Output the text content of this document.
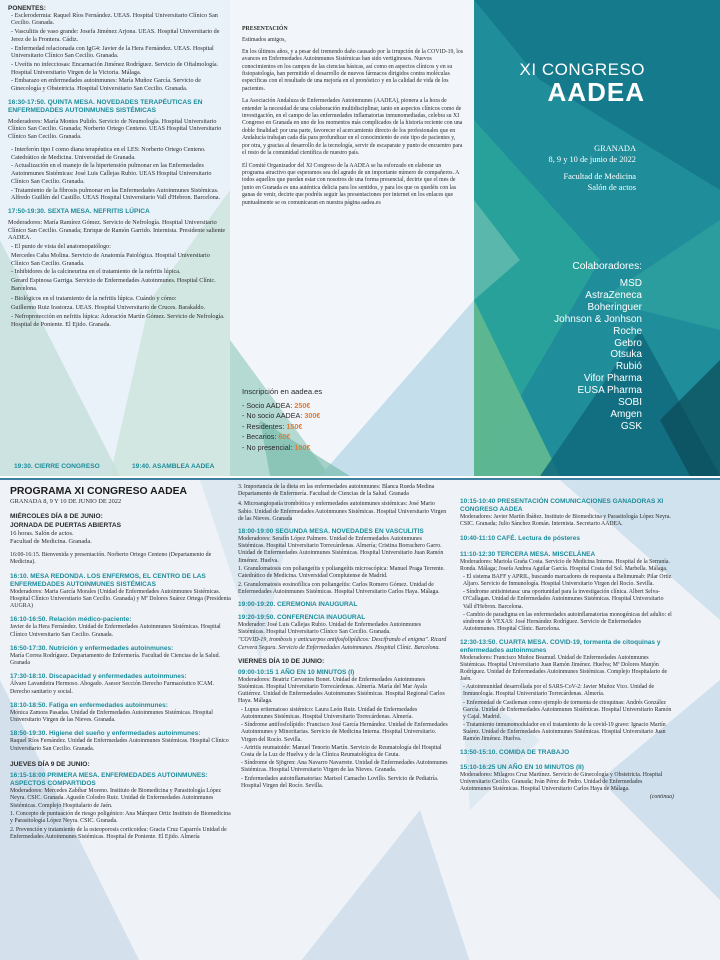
PONENTES:
- Esclerodermia: Raquel Ríos Fernández. UEAS. Hospital Universitario Clínico San Cecilio. Granada.
- Vasculitis de vaso grande: Josefa Jiménez Arjona. UEAS. Hospital Universitario de Jerez de la Frontera. Cádiz.
- Enfermedad relacionada con IgG4: Javier de la Hera Fernández. UEAS. Hospital Universitario Clínico San Cecilio. Granada.
- Uveítis no infecciosas: Encarnación Jiménez Rodríguez. Servicio de Oftalmología. Hospital Universitario Virgen de la Victoria. Málaga.
- Embarazo en enfermedades autoinmunes: María Muñoz García. Servicio de Ginecología y Obstetricia. Hospital Universitario San Cecilio. Granada.
16:30-17:50. QUINTA MESA. NOVEDADES TERAPÉUTICAS EN ENFERMEDADES AUTOINMUNES SISTÉMICAS

Moderadores: María Montes Pulido. Servicio de Neumología. Hospital Universitario Clínico San Cecilio. Granada; Norberto Ortego Centeno. UEAS Hospital Universitario Clínico San Cecilio. Granada.

- Interferón tipo I como diana terapéutica en el LES: Norberto Ortego Centeno. Catedrático de Medicina. Universidad de Granada.
- Actualización en el manejo de la hipertensión pulmonar en las Enfermedades Autoinmunes Sistémicas: José Luis Callejas Rubio. UEAS Hospital Universitario Clínico San Cecilio. Granada.
- Tratamiento de la fibrosis pulmonar en las Enfermedades Autoinmunes Sistémicas. Alfredo Guillén del Castillo. UEAS Hospital Universitario Vall d'Hebron. Barcelona.
17:50-19:30. SEXTA MESA. NEFRITIS LÚPICA

Moderadores: María Ramírez Gómez. Servicio de Nefrología. Hospital Universitario Clínico San Cecilio. Granada; Enrique de Ramón Garrido. Internista. Presidente saliente AADEA.

- El punto de vista del anatomopatólogo:
Mercedes Caba Molina. Servicio de Anatomía Patológica. Hospital Universitario Clínico San Cecilio. Granada.
- Inhibidores de la calcineurina en el tratamiento de la nefritis lúpica.
Gerard Espinosa Garriga. Servicio de Enfermedades Autoinmunes. Hospital Clínic. Barcelona.
- Biológicos en el tratamiento de la nefritis lúpica. Cuándo y cómo:
Guillermo Ruiz Irastorza. UEAS. Hospital Universitario de Cruces. Barakaldo.
- Nefroprotección en nefritis lúpica: Adoración Martín Gómez. Servicio de Nefrología. Hospital de Poniente. El Ejido. Granada.
19:30. CIERRE CONGRESO	19:40. ASAMBLEA AADEA
PRESENTACIÓN

Estimados amigos,

En los últimos años, y a pesar del tremendo daño causado por la irrupción de la COVID-19, los avances en Enfermedades Autoinmunes Sistémicas han sido vertiginosos. Nuevos conocimientos en los campos de las ciencias básicas, así como en aspectos clínicos y en su fisiopatología, han permitido el desarrollo de nuevos fármacos dirigidos contra moléculas específicas con el resultado de una mejoría en el pronóstico y en la calidad de vida de los pacientes.

La Asociación Andaluza de Enfermedades Autoinmunes (AADEA), pionera a la hora de entender la necesidad de una colaboración multidisciplinar, tanto en aspectos clínicos como de investigación, en el campo de las enfermedades inflamatorias inmunomediadas, celebra su XI Congreso en Granada en uno de los momentos más complicados de la historia reciente con una doble finalidad: por una parte, favorecer el acercamiento directo de los profesionales que en Andalucía trabajan cada día para profundizar en el conocimiento de este tipo de pacientes y, por otra, y gracias al desarrollo de la tecnología, servir de escaparate y punto de encuentro para el resto de la comunidad científica de nuestro país.

El Comité Organizador del XI Congreso de la AADEA se ha esforzado en elaborar un programa atractivo que esperamos sea del agrado de un importante número de compañeros. A todos aquellos que puedan estar con nosotros de una forma presencial, decirte que el mes de junio en Granada es una auténtica delicia para los sentidos, y para los que os quedéis con las ganas de venir, decirte que podréis seguir las presentaciones por internet en los enlaces que puntualmente se os comunicaran en nuestra página aadea.es

Inscripción en aadea.es
- Socio AADEA: 250€
- No socio AADEA: 300€
- Residentes: 150€
- Becarios: 60€
- No presencial: 100€
XI CONGRESO
AADEA
GRANADA
8, 9 y 10 de junio de 2022
Facultad de Medicina
Salón de actos
Colaboradores:
MSD
AstraZeneca
Boheringuer
Johnson & Jonhson
Roche
Gebro
Otsuka
Rubió
Vifor Pharma
EUSA Pharma
SOBI
Amgen
GSK
PROGRAMA XI CONGRESO AADEA
GRANADA 8, 9 Y 10 DE JUNIO DE 2022
MIÉRCOLES DÍA 8 DE JUNIO:
JORNADA DE PUERTAS ABIERTAS
16 horas. Salón de actos.
Facultad de Medicina. Granada.

16:00-16:15. Bienvenida y presentación. Norberto Ortego Centeno (Departamento de Medicina).

16:10. MESA REDONDA. LOS ENFERMOS, EL CENTRO DE LAS ENFERMEDADES AUTOINMUNES SISTÉMICAS

Moderadores: Marta García Morales (Unidad de Enfermedades Autoinmunes Sistémicas. Hospital Clínico Universitario San Cecilio. Granada) y Mª Dolores Suárez Ortega (Presidenta AUGRA)

16:10-16:50. Relación médico-paciente:

Javier de la Hera Fernández. Unidad de Enfermedades Autoinmunes Sistémicas. Hospital Clínico Universitario San Cecilio. Granada.

16:50-17:30. Nutrición y enfermedades autoinmunes:

María Correa Rodríguez. Departamento de Enfermería. Facultad de Ciencias de la Salud. Granada

17:30-18:10. Discapacidad y enfermedades autoinmunes:

Álvaro Lavandeira Hermoso. Abogado. Asesor Sección Derecho Farmacéutico ICAM. Derecho sanitario y social.

18:10-18:50. Fatiga en enfermedades autoinmunes:

Mónica Zamora Pasadas. Unidad de Enfermedades Autoinmunes Sistémicas. Hospital Universitario Virgen de las Nieves. Granada.

18:50-19:30. Higiene del sueño y enfermedades autoinmunes:

Raquel Ríos Fernández. Unidad de Enfermedades Autoinmunes Sistémicas. Hospital Clínico Universitario San Cecilio. Granada.

JUEVES DÍA 9 DE JUNIO:
16:15-18:00 PRIMERA MESA. ENFERMEDADES AUTOINMUNES: ASPECTOS COMPARTIDOS

Moderadores: Mercedes Zabíbar Moreno. Instituto de Biomedicina y Parasitología López Neyra. CSIC. Granada. Agustín Colodro Ruiz. Unidad de Enfermedades Autoinmunes Sistémicas. Complejo Hospitalario de Jaén.

1. Concepto de puntuación de riesgo poligénico: Ana Márquez Ortiz Instituto de Biomedicina y Parasitología López Neyra. CSIC. Granada.

2. Prevención y tratamiento de la osteoporosis corticoidea: Gracia Cruz Caparrós Unidad de Enfermedades Autoinmunes Sistémicas. Hospital de Poniente. El Ejido. Almería

3. Importancia de la dieta en las enfermedades autoinmunes: Blanca Rueda Medina Departamento de Enfermería. Facultad de Ciencias de la Salud. Granada

4. Microangiopatía trombótica y enfermedades autoinmunes sistémicas: José Mario Sabio. Unidad de Enfermedades Autoinmunes Sistémicas. Hospital Universitario Virgen de las Nieves. Granada

18:00-19:00 SEGUNDA MESA. NOVEDADES EN VASCULITIS

Moderadores: Serafín López Palmero. Unidad de Enfermedades Autoinmunes Sistémicas. Hospital Universitario Torrecárdenas. Almería; Cristina Borrachero Garro. Unidad de Enfermedades Autoinmunes Sistémicas. Hospital Universitario Juan Ramón Jiménez. Huelva.

1. Granulomatosis con poliangeítis y poliangeítis microscópica: Manuel Praga Terrente. Catedrático de Medicina. Universidad Complutense de Madrid.

2. Granulomatosis eosinofílica con poliangeítis: Carlos Romero Gómez. Unidad de Enfermedades Autoinmunes Sistémicas. Hospital Universitario Carlos Haya. Málaga.

19:00-19:20. CEREMONIA INAUGURAL
19:20-19:50. CONFERENCIA INAUGURAL

Moderador: José Luis Callejas Rubio. Unidad de Enfermedades Autoinmunes Sistémicas. Hospital Universitario Clínico San Cecilio. Granada.

"COVID-19, trombosis y anticuerpos antifosfolipídicos: Descifrando el enigma". Ricard Cervera Segura. Servicio de Enfermedades Autoinmunes. Hospital Clínic. Barcelona.

VIERNES DÍA 10 DE JUNIO:
09:00-10:15 1 AÑO EN 10 MINUTOS (I)

Moderadores: Beatriz Cervantes Bonet. Unidad de Enfermedades Autoinmunes Sistémicas. Hospital Universitario Torrecárdenas. Almería. María del Mar Ayala Gutiérrez. Unidad de Enfermedades Autoinmunes Sistémicas. Hospital Regional Carlos Haya. Málaga.

- Lupus eritematoso sistémico: Laura León Ruiz. Unidad de Enfermedades Autoinmunes Sistémicas. Hospital Universitario Torrecárdenas. Almería.
- Síndrome antifosfolípido: Francisco José García Hernández. Unidad de Enfermedades Autoinmunes y Minoritarias. Servicio de Medicina Interna. Hospital Universitario. Virgen del Rocío. Sevilla.
- Artritis reumatoide: Manuel Tenorio Martín. Servicio de Reumatología del Hospital Costa de la Luz de Huelva y de la Clínica Reumatológica de Ceuta.
- Síndrome de Sjögren: Ana Navarro Navarrete. Unidad de Enfermedades Autoinmunes Sistémicas. Hospital Universitario Virgen de las Nieves. Granada.
- Enfermedades autoinflamatorias: Marisol Camacho Lovillo. Servicio de Pediatría. Hospital Virgen del Rocío. Sevilla.
10:15-10:40 PRESENTACIÓN COMUNICACIONES GANADORAS XI CONGRESO AADEA

Moderadores: Javier Martín Ibáñez. Instituto de Biomedicina y Parasitología López Neyra. CSIC. Granada; Julio Sánchez Román. Internista. Secretario AADEA.

10:40-11:10 CAFÉ. Lectura de pósteres
11:10-12:30 TERCERA MESA. MISCELÁNEA

Moderadores: Mariola Graña Costa. Servicio de Medicina Interna. Hospital de la Serranía. Ronda. Málaga; Josefa Andrea Aguilar García. Hospital Costa del Sol. Marbella. Málaga.

- El sistema BAFF y APRIL, buscando marcadores de respuesta a Belimumab: Pilar Ortiz Aljaro. Servicio de Inmunología. Hospital Universitario Virgen del Rocío. Sevilla.
- Síndrome antisintetasa: una oportunidad para la investigación clínica. Albert Selva-O'Callagan. Unidad de Enfermedades Autoinmunes Sistémicas. Hospital Universitario Vall d'Hebron. Barcelona.
- Cambio de paradigma en las enfermedades autoinflamatorias monogénicas del adulto: el síndrome de VEXAS: José Hernández Rodríguez. Servicio de Enfermedades Autoinmunes. Hospital Clínic. Barcelona.
12:30-13:50. CUARTA MESA. COVID-19, tormenta de citoquinas y enfermedades autoinmunes

Moderadores: Francisco Muñoz Beamud. Unidad de Enfermedades Autoinmunes Sistémicas. Hospital Universitario Juan Ramón Jiménez. Huelva; Mª Dolores Manjón Rodríguez. Unidad de Enfermedades Autoinmunes Sistémicas. Complejo Hospitalario de Jaén.

- Autoinmunidad desarrollada por el SARS-CoV-2: Javier Muñoz Vico. Unidad de Inmunología. Hospital Universitario Torrecárdenas. Almería.
- Enfermedad de Castleman como ejemplo de tormenta de citoquinas: Andrés González García. Unidad de Enfermedades Autoinmunes Sistémicas. Hospital Universitario Ramón y Cajal. Madrid.
- Tratamiento inmunomodulador en el tratamiento de la covid-19 grave: Ignacio Martín Suárez. Unidad de Enfermedades Autoinmunes Sistémicas. Hospital Universitario Juan Ramón Jiménez. Huelva.
13:50-15:10. COMIDA DE TRABAJO
15:10-16:25 UN AÑO EN 10 MINUTOS (II)

Moderadores: Milagros Cruz Martínez. Servicio de Ginecología y Obstetricia. Hospital Universitario Cecilio. Granada; Iván Pérez de Pedro. Unidad de Enfermedades Autoinmunes Sistémicas. Hospital Universitario Carlos Haya de Málaga.

(continua)
